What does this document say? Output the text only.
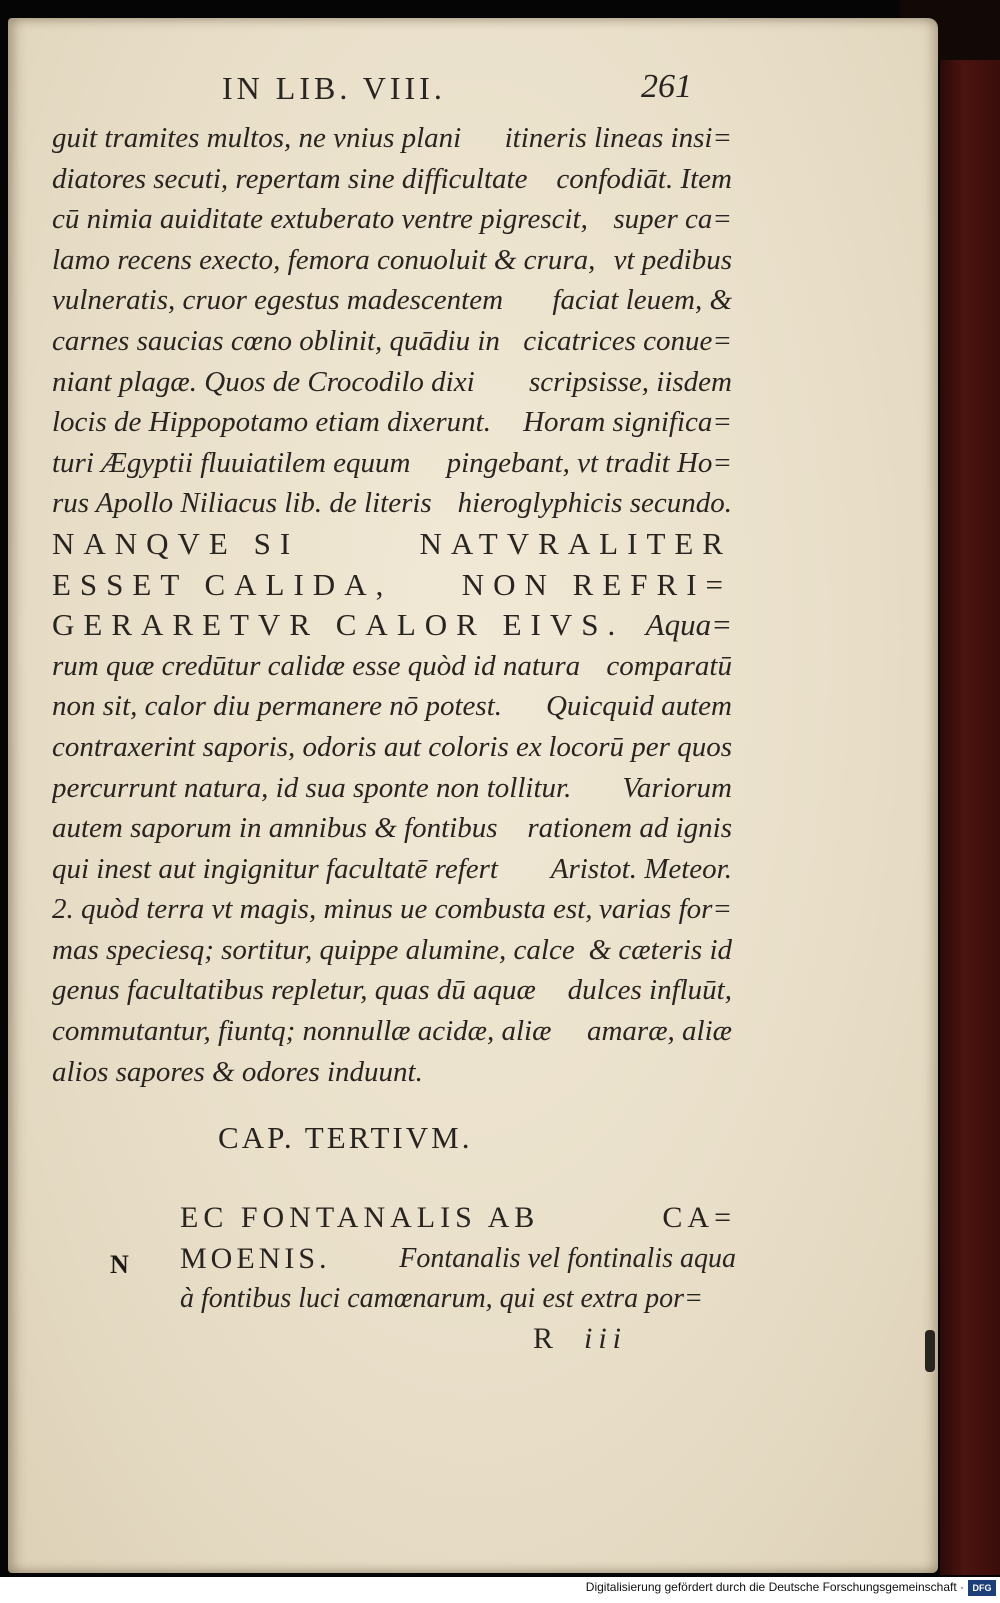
IN LIB. VIII.	261
guit tramites multos, ne vnius plani itineris lineas insi=
diatores secuti, repertam sine difficultate confodiāt. Item
cū nimia auiditate extuberato ventre pigrescit, super ca=
lamo recens execto, femora conuoluit & crura, vt pedibus
vulneratis, cruor egestus madescentem faciat leuem, &
carnes saucias cœno oblinit, quādiu in cicatrices conue=
niant plagæ. Quos de Crocodilo dixi scripsisse, iisdem
locis de Hippopotamo etiam dixerunt. Horam significa=
turi Ægyptii fluuiatilem equum pingebant, vt tradit Ho=
rus Apollo Niliacus lib. de literis hieroglyphicis secundo.
NANQVE SI	NATVRALITER
ESSET CALIDA, NON REFRI=
GERARETVR CALOR EIVS. Aqua=
rum quæ credūtur calidæ esse quòd id natura comparatū
non sit, calor diu permanere nō potest. Quicquid autem
contraxerint saporis, odoris aut coloris ex locorū per quos
percurrunt natura, id sua sponte non tollitur. Variorum
autem saporum in amnibus & fontibus rationem ad ignis
qui inest aut ingignitur facultatē refert Aristot. Meteor.
2. quòd terra vt magis, minus ue combusta est, varias for=
mas speciesq; sortitur, quippe alumine, calce & cæteris id
genus facultatibus repletur, quas dū aquæ dulces influūt,
commutantur, fiuntq; nonnullæ acidæ, aliæ amaræ, aliæ
alios sapores & odores induunt.
CAP. TERTIVM.
N
EC FONTANALIS AB	CA=
MOENIS. Fontanalis vel fontinalis aqua
à fontibus luci camœnarum, qui est extra por=
R iii
Digitalisierung gefördert durch die Deutsche Forschungsgemeinschaft · DFG
